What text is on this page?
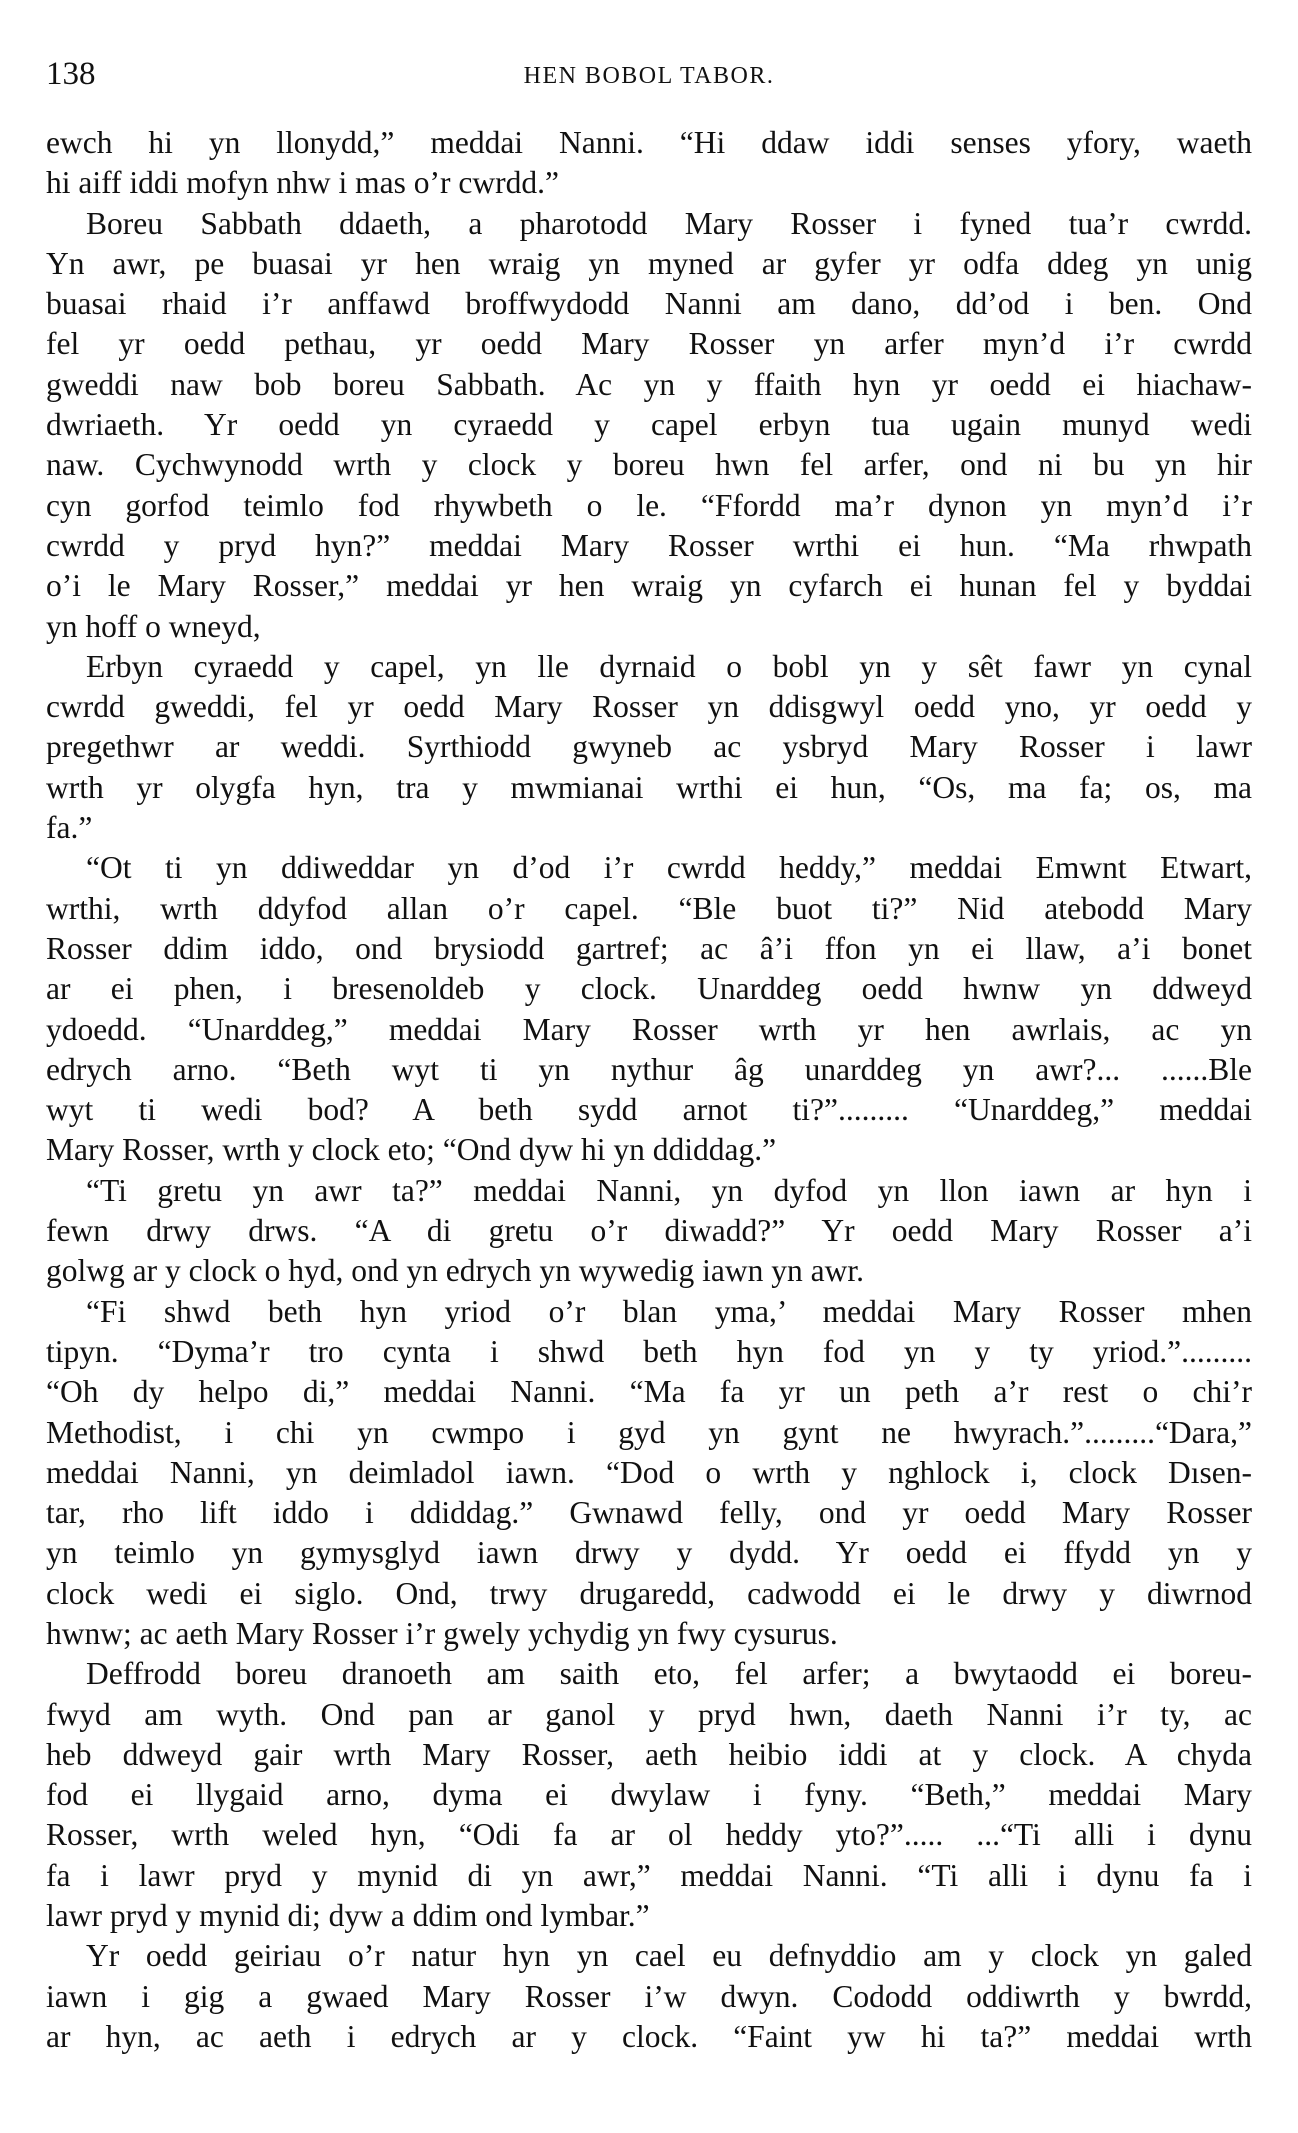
138	HEN BOBOL TABOR.
ewch hi yn llonydd,” meddai Nanni. “Hi ddaw iddi senses yfory, waeth
hi aiff iddi mofyn nhw i mas o’r cwrdd.”
Boreu Sabbath ddaeth, a pharotodd Mary Rosser i fyned tua’r cwrdd.
Yn awr, pe buasai yr hen wraig yn myned ar gyfer yr odfa ddeg yn unig
buasai rhaid i’r anffawd broffwydodd Nanni am dano, dd’od i ben. Ond
fel yr oedd pethau, yr oedd Mary Rosser yn arfer myn’d i’r cwrdd
gweddi naw bob boreu Sabbath. Ac yn y ffaith hyn yr oedd ei hiachaw-
dwriaeth. Yr oedd yn cyraedd y capel erbyn tua ugain munyd wedi
naw. Cychwynodd wrth y clock y boreu hwn fel arfer, ond ni bu yn hir
cyn gorfod teimlo fod rhywbeth o le. “Ffordd ma’r dynon yn myn’d i’r
cwrdd y pryd hyn?” meddai Mary Rosser wrthi ei hun. “Ma rhwpath
o’i le Mary Rosser,” meddai yr hen wraig yn cyfarch ei hunan fel y byddai
yn hoff o wneyd,
Erbyn cyraedd y capel, yn lle dyrnaid o bobl yn y sêt fawr yn cynal
cwrdd gweddi, fel yr oedd Mary Rosser yn ddisgwyl oedd yno, yr oedd y
pregethwr ar weddi. Syrthiodd gwyneb ac ysbryd Mary Rosser i lawr
wrth yr olygfa hyn, tra y mwmianai wrthi ei hun, “Os, ma fa; os, ma
fa.”
“Ot ti yn ddiweddar yn d’od i’r cwrdd heddy,” meddai Emwnt Etwart,
wrthi, wrth ddyfod allan o’r capel. “Ble buot ti?” Nid atebodd Mary
Rosser ddim iddo, ond brysiodd gartref; ac â’i ffon yn ei llaw, a’i bonet
ar ei phen, i bresenoldeb y clock. Unarddeg oedd hwnw yn ddweyd
ydoedd. “Unarddeg,” meddai Mary Rosser wrth yr hen awrlais, ac yn
edrych arno. “Beth wyt ti yn nythur âg unarddeg yn awr?... ......Ble
wyt ti wedi bod? A beth sydd arnot ti?”......... “Unarddeg,” meddai
Mary Rosser, wrth y clock eto; “Ond dyw hi yn ddiddag.”
“Ti gretu yn awr ta?” meddai Nanni, yn dyfod yn llon iawn ar hyn i
fewn drwy drws. “A di gretu o’r diwadd?” Yr oedd Mary Rosser a’i
golwg ar y clock o hyd, ond yn edrych yn wywedig iawn yn awr.
“Fi shwd beth hyn yriod o’r blan yma,’ meddai Mary Rosser mhen
tipyn. “Dyma’r tro cynta i shwd beth hyn fod yn y ty yriod.”.........
“Oh dy helpo di,” meddai Nanni. “Ma fa yr un peth a’r rest o chi’r
Methodist, i chi yn cwmpo i gyd yn gynt ne hwyrach.”.........“Dara,”
meddai Nanni, yn deimladol iawn. “Dod o wrth y nghlock i, clock Dısen-
tar, rho lift iddo i ddiddag.” Gwnawd felly, ond yr oedd Mary Rosser
yn teimlo yn gymysglyd iawn drwy y dydd. Yr oedd ei ffydd yn y
clock wedi ei siglo. Ond, trwy drugaredd, cadwodd ei le drwy y diwrnod
hwnw; ac aeth Mary Rosser i’r gwely ychydig yn fwy cysurus.
Deffrodd boreu dranoeth am saith eto, fel arfer; a bwytaodd ei boreu-
fwyd am wyth. Ond pan ar ganol y pryd hwn, daeth Nanni i’r ty, ac
heb ddweyd gair wrth Mary Rosser, aeth heibio iddi at y clock. A chyda
fod ei llygaid arno, dyma ei dwylaw i fyny. “Beth,” meddai Mary
Rosser, wrth weled hyn, “Odi fa ar ol heddy yto?”..... ...“Ti alli i dynu
fa i lawr pryd y mynid di yn awr,” meddai Nanni. “Ti alli i dynu fa i
lawr pryd y mynid di; dyw a ddim ond lymbar.”
Yr oedd geiriau o’r natur hyn yn cael eu defnyddio am y clock yn galed
iawn i gig a gwaed Mary Rosser i’w dwyn. Cododd oddiwrth y bwrdd,
ar hyn, ac aeth i edrych ar y clock. “Faint yw hi ta?” meddai wrth
